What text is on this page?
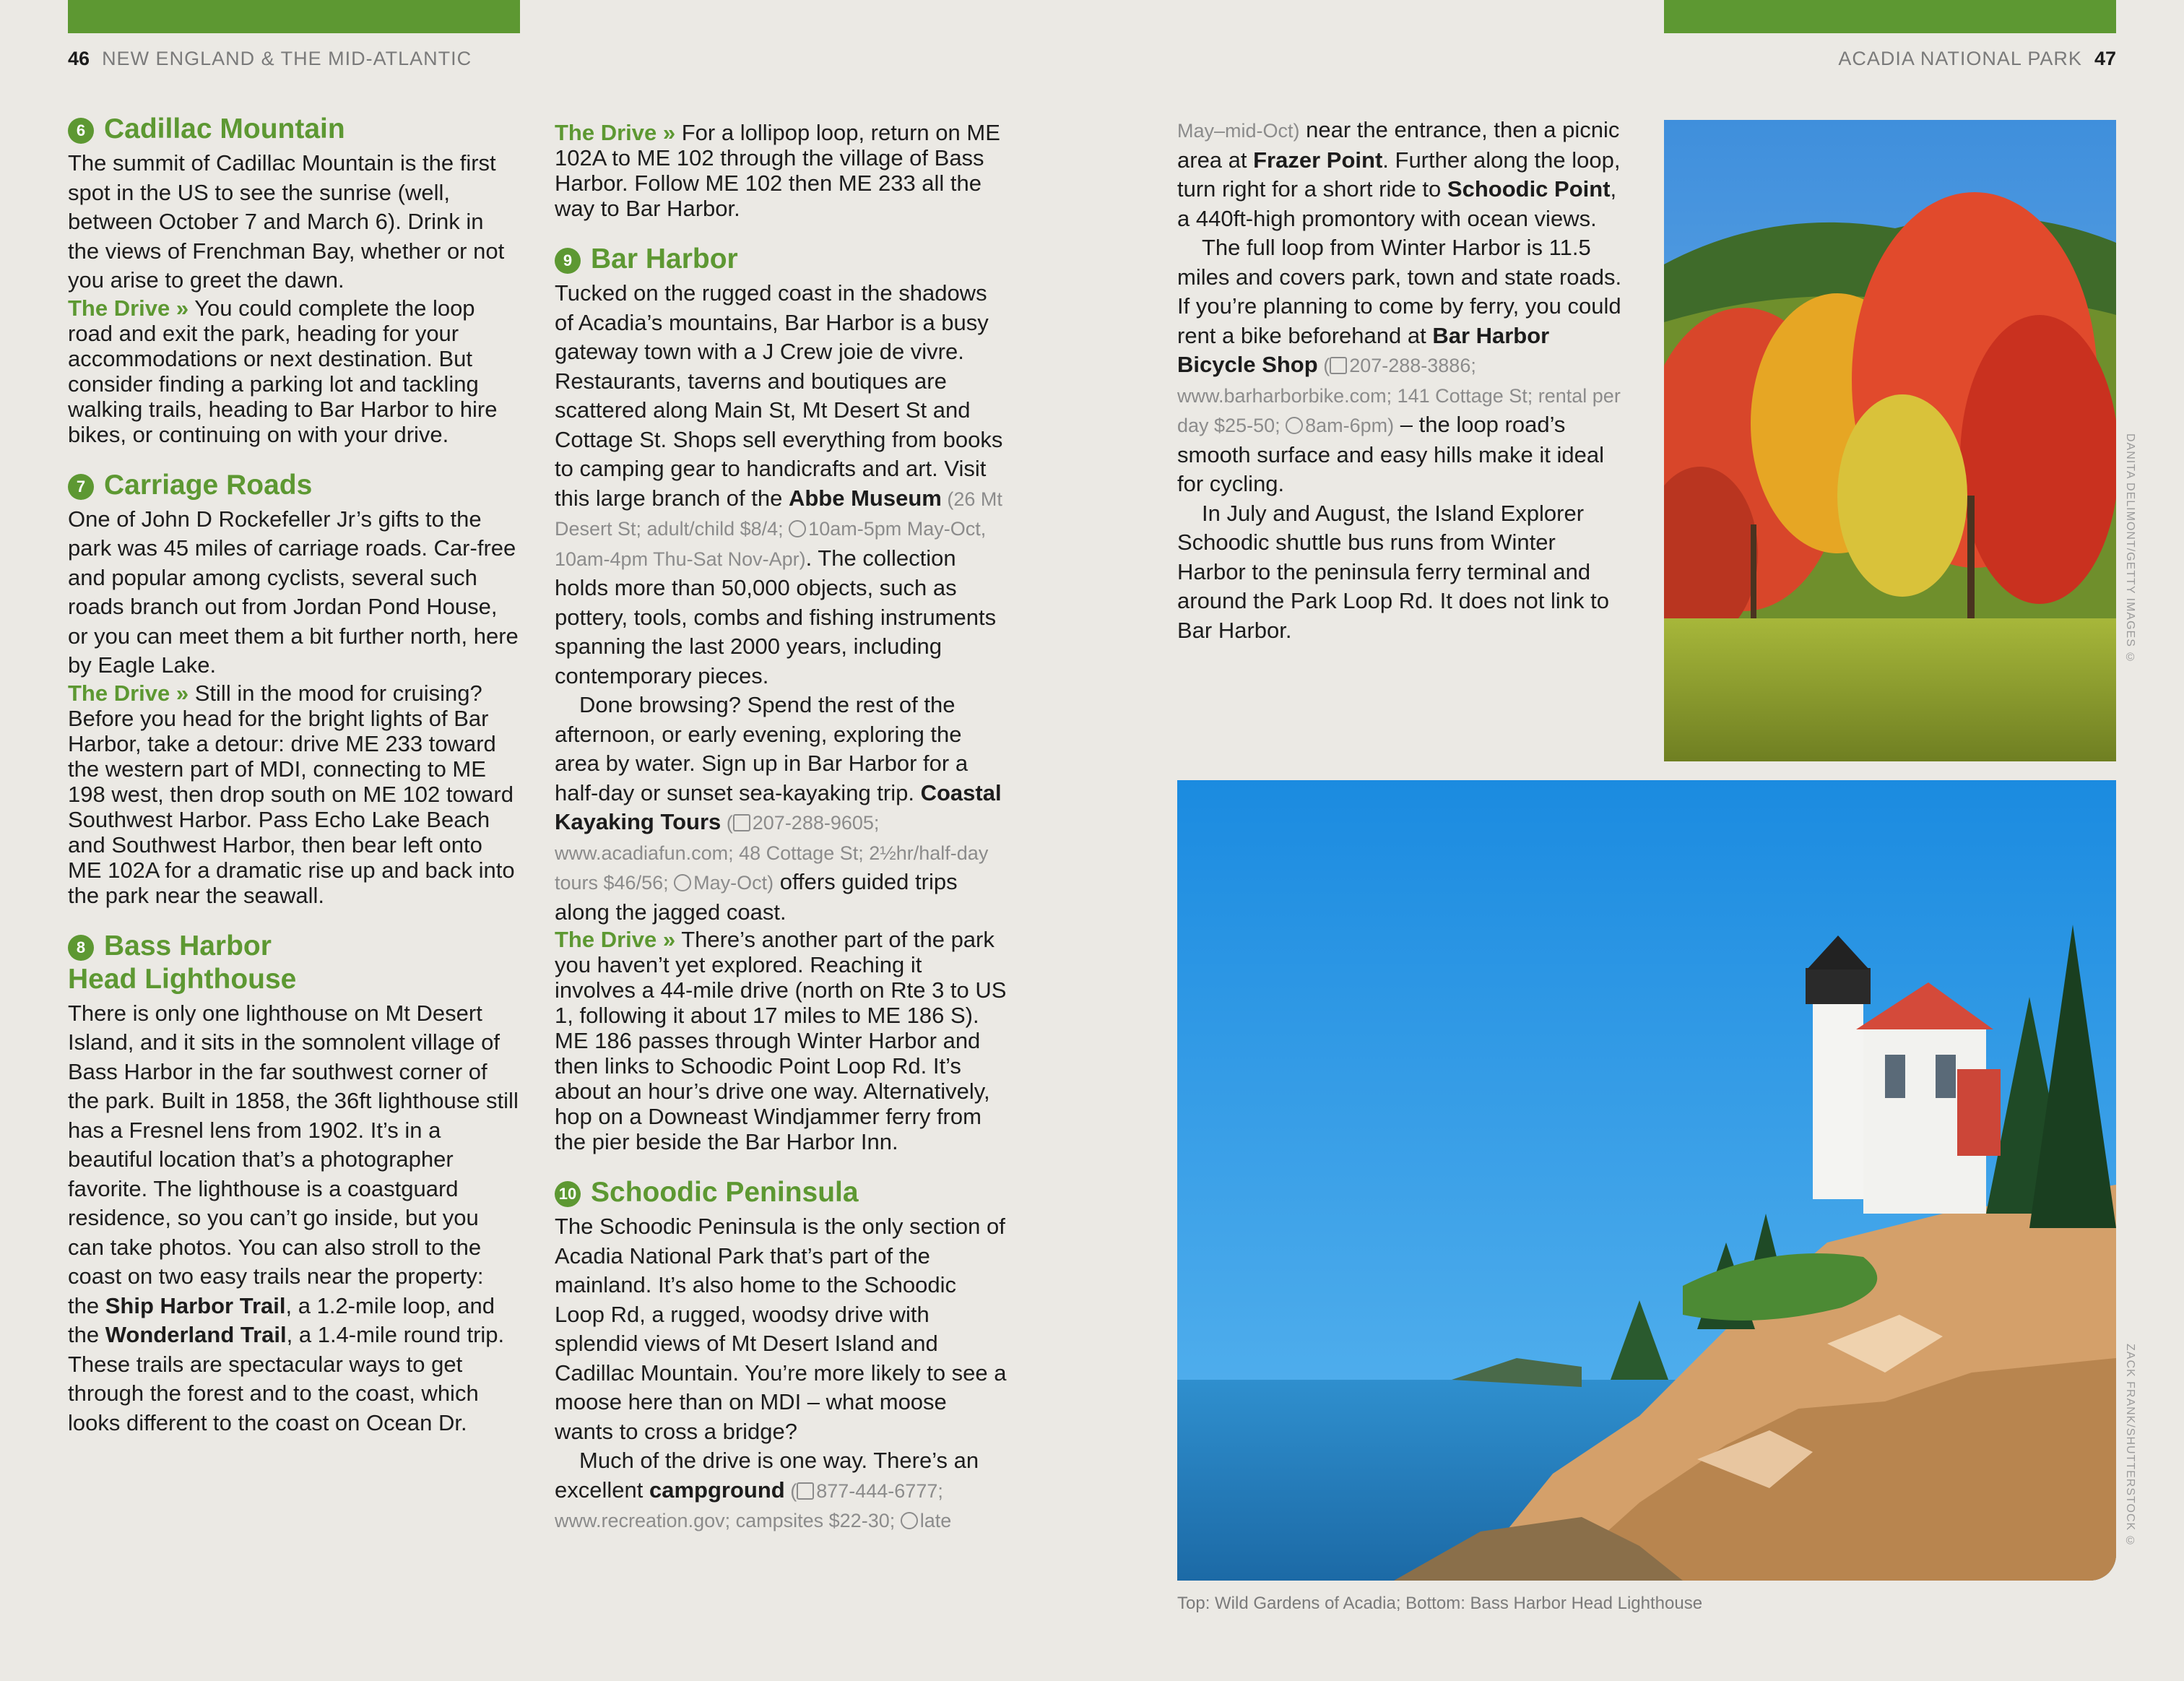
46 NEW ENGLAND & THE MID-ATLANTIC	ACADIA NATIONAL PARK 47
6 Cadillac Mountain

The summit of Cadillac Mountain is the first spot in the US to see the sunrise (well, between October 7 and March 6). Drink in the views of Frenchman Bay, whether or not you arise to greet the dawn.

The Drive » You could complete the loop road and exit the park, heading for your accommodations or next destination. But consider finding a parking lot and tackling walking trails, heading to Bar Harbor to hire bikes, or continuing on with your drive.

7 Carriage Roads

One of John D Rockefeller Jr’s gifts to the park was 45 miles of carriage roads. Car-free and popular among cyclists, several such roads branch out from Jordan Pond House, or you can meet them a bit further north, here by Eagle Lake.

The Drive » Still in the mood for cruising? Before you head for the bright lights of Bar Harbor, take a detour: drive ME 233 toward the western part of MDI, connecting to ME 198 west, then drop south on ME 102 toward Southwest Harbor. Pass Echo Lake Beach and Southwest Harbor, then bear left onto ME 102A for a dramatic rise up and back into the park near the seawall.

8 Bass Harbor
Head Lighthouse

There is only one lighthouse on Mt Desert Island, and it sits in the somnolent village of Bass Harbor in the far southwest corner of the park. Built in 1858, the 36ft lighthouse still has a Fresnel lens from 1902. It’s in a beautiful location that’s a photographer favorite. The lighthouse is a coastguard residence, so you can’t go inside, but you can take photos. You can also stroll to the coast on two easy trails near the property: the Ship Harbor Trail, a 1.2-mile loop, and the Wonderland Trail, a 1.4-mile round trip. These trails are spectacular ways to get through the forest and to the coast, which looks different to the coast on Ocean Dr.

The Drive » For a lollipop loop, return on ME 102A to ME 102 through the village of Bass Harbor. Follow ME 102 then ME 233 all the way to Bar Harbor.

9 Bar Harbor

Tucked on the rugged coast in the shadows of Acadia’s mountains, Bar Harbor is a busy gateway town with a J Crew joie de vivre. Restaurants, taverns and boutiques are scattered along Main St, Mt Desert St and Cottage St. Shops sell everything from books to camping gear to handicrafts and art. Visit this large branch of the Abbe Museum (26 Mt Desert St; adult/child $8/4; 10am-5pm May-Oct, 10am-4pm Thu-Sat Nov-Apr). The collection holds more than 50,000 objects, such as pottery, tools, combs and fishing instruments spanning the last 2000 years, including contemporary pieces.

Done browsing? Spend the rest of the afternoon, or early evening, exploring the area by water. Sign up in Bar Harbor for a half-day or sunset sea-kayaking trip. Coastal Kayaking Tours ( 207-288-9605; www.acadiafun.com; 48 Cottage St; 2½hr/half-day tours $46/56; May-Oct) offers guided trips along the jagged coast.

The Drive » There’s another part of the park you haven’t yet explored. Reaching it involves a 44-mile drive (north on Rte 3 to US 1, following it about 17 miles to ME 186 S). ME 186 passes through Winter Harbor and then links to Schoodic Point Loop Rd. It’s about an hour’s drive one way. Alternatively, hop on a Downeast Windjammer ferry from the pier beside the Bar Harbor Inn.

10 Schoodic Peninsula

The Schoodic Peninsula is the only section of Acadia National Park that’s part of the mainland. It’s also home to the Schoodic Loop Rd, a rugged, woodsy drive with splendid views of Mt Desert Island and Cadillac Mountain. You’re more likely to see a moose here than on MDI – what moose wants to cross a bridge?

Much of the drive is one way. There’s an excellent campground ( 877-444-6777; www.recreation.gov; campsites $22-30; late

May–mid-Oct) near the entrance, then a picnic area at Frazer Point. Further along the loop, turn right for a short ride to Schoodic Point, a 440ft-high promontory with ocean views.

The full loop from Winter Harbor is 11.5 miles and covers park, town and state roads. If you’re planning to come by ferry, you could rent a bike beforehand at Bar Harbor Bicycle Shop ( 207-288-3886; www.barharborbike.com; 141 Cottage St; rental per day $25-50; 8am-6pm) – the loop road’s smooth surface and easy hills make it ideal for cycling.

In July and August, the Island Explorer Schoodic shuttle bus runs from Winter Harbor to the peninsula ferry terminal and around the Park Loop Rd. It does not link to Bar Harbor.	DANITA DELIMONT/GETTY IMAGES ©
ZACK FRANK/SHUTTERSTOCK ©
Top: Wild Gardens of Acadia; Bottom: Bass Harbor Head Lighthouse
